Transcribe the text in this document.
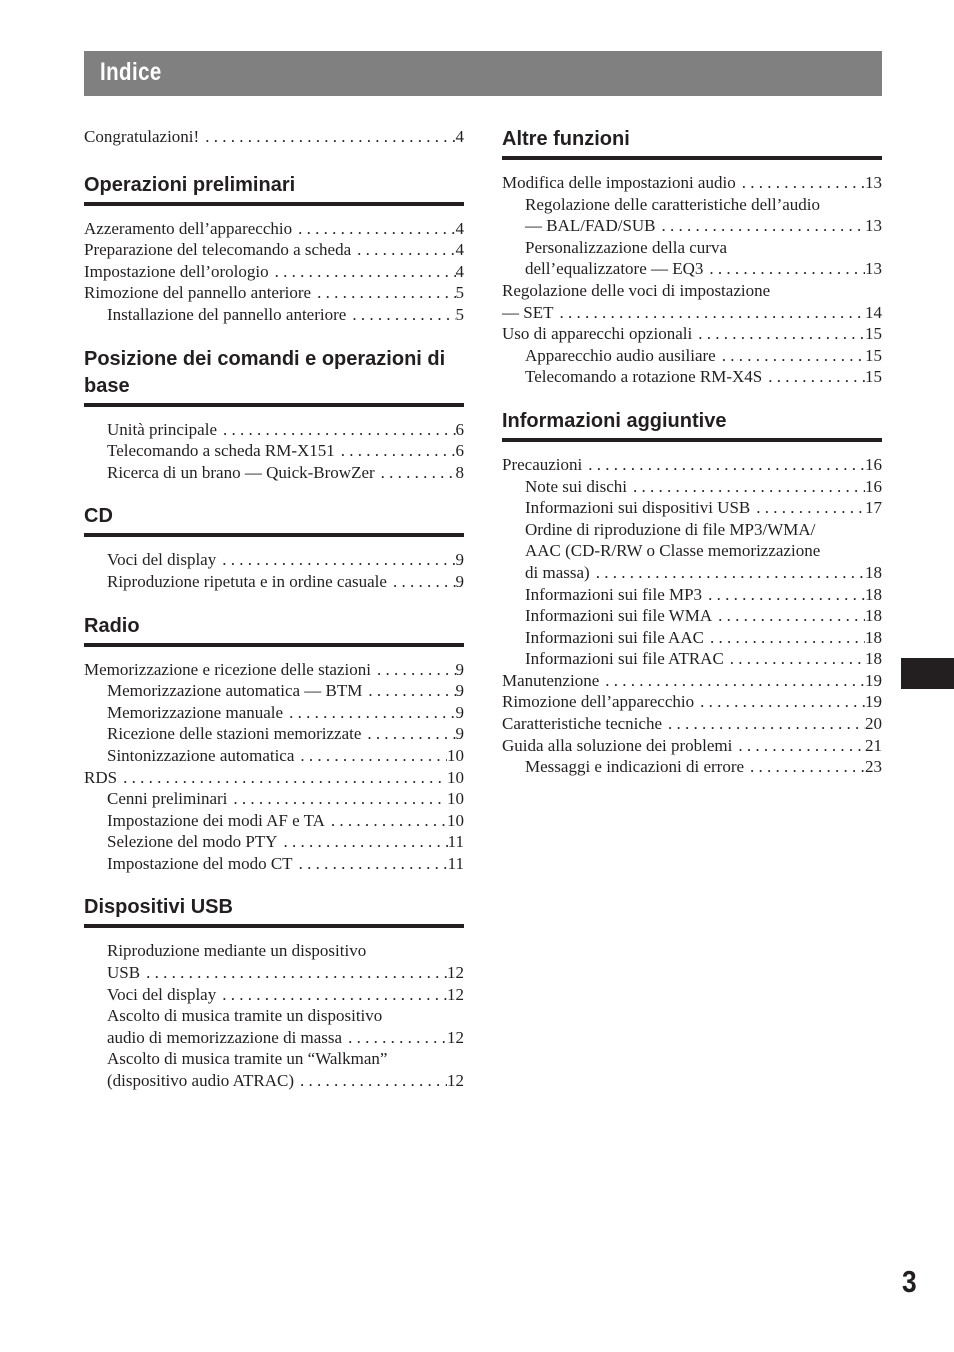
Indice
Congratulazioni! . . .	4
Operazioni preliminari
Azzeramento dell’apparecchio . . .	4
Preparazione del telecomando a scheda . . .	4
Impostazione dell’orologio . . .	4
Rimozione del pannello anteriore . . .	5
Installazione del pannello anteriore . . .	5
Posizione dei comandi e operazioni di base
Unità principale . . .	6
Telecomando a scheda RM-X151 . . .	6
Ricerca di un brano — Quick-BrowZer . . .	8
CD
Voci del display . . .	9
Riproduzione ripetuta e in ordine casuale . . .	9
Radio
Memorizzazione e ricezione delle stazioni . . .	9
Memorizzazione automatica — BTM . . .	9
Memorizzazione manuale . . .	9
Ricezione delle stazioni memorizzate . . .	9
Sintonizzazione automatica . . .	10
RDS . . .	10
Cenni preliminari . . .	10
Impostazione dei modi AF e TA . . .	10
Selezione del modo PTY . . .	11
Impostazione del modo CT . . .	11
Dispositivi USB
Riproduzione mediante un dispositivo
USB . . .	12
Voci del display . . .	12
Ascolto di musica tramite un dispositivo
audio di memorizzazione di massa . . .	12
Ascolto di musica tramite un “Walkman”
(dispositivo audio ATRAC) . . .	12
Altre funzioni
Modifica delle impostazioni audio . . .	13
Regolazione delle caratteristiche dell’audio
— BAL/FAD/SUB . . .	13
Personalizzazione della curva
dell’equalizzatore — EQ3 . . .	13
Regolazione delle voci di impostazione
— SET . . .	14
Uso di apparecchi opzionali . . .	15
Apparecchio audio ausiliare . . .	15
Telecomando a rotazione RM-X4S . . .	15
Informazioni aggiuntive
Precauzioni . . .	16
Note sui dischi . . .	16
Informazioni sui dispositivi USB . . .	17
Ordine di riproduzione di file MP3/WMA/
AAC (CD-R/RW o Classe memorizzazione
di massa) . . .	18
Informazioni sui file MP3 . . .	18
Informazioni sui file WMA . . .	18
Informazioni sui file AAC . . .	18
Informazioni sui file ATRAC . . .	18
Manutenzione . . .	19
Rimozione dell’apparecchio . . .	19
Caratteristiche tecniche . . .	20
Guida alla soluzione dei problemi . . .	21
Messaggi e indicazioni di errore . . .	23
3
